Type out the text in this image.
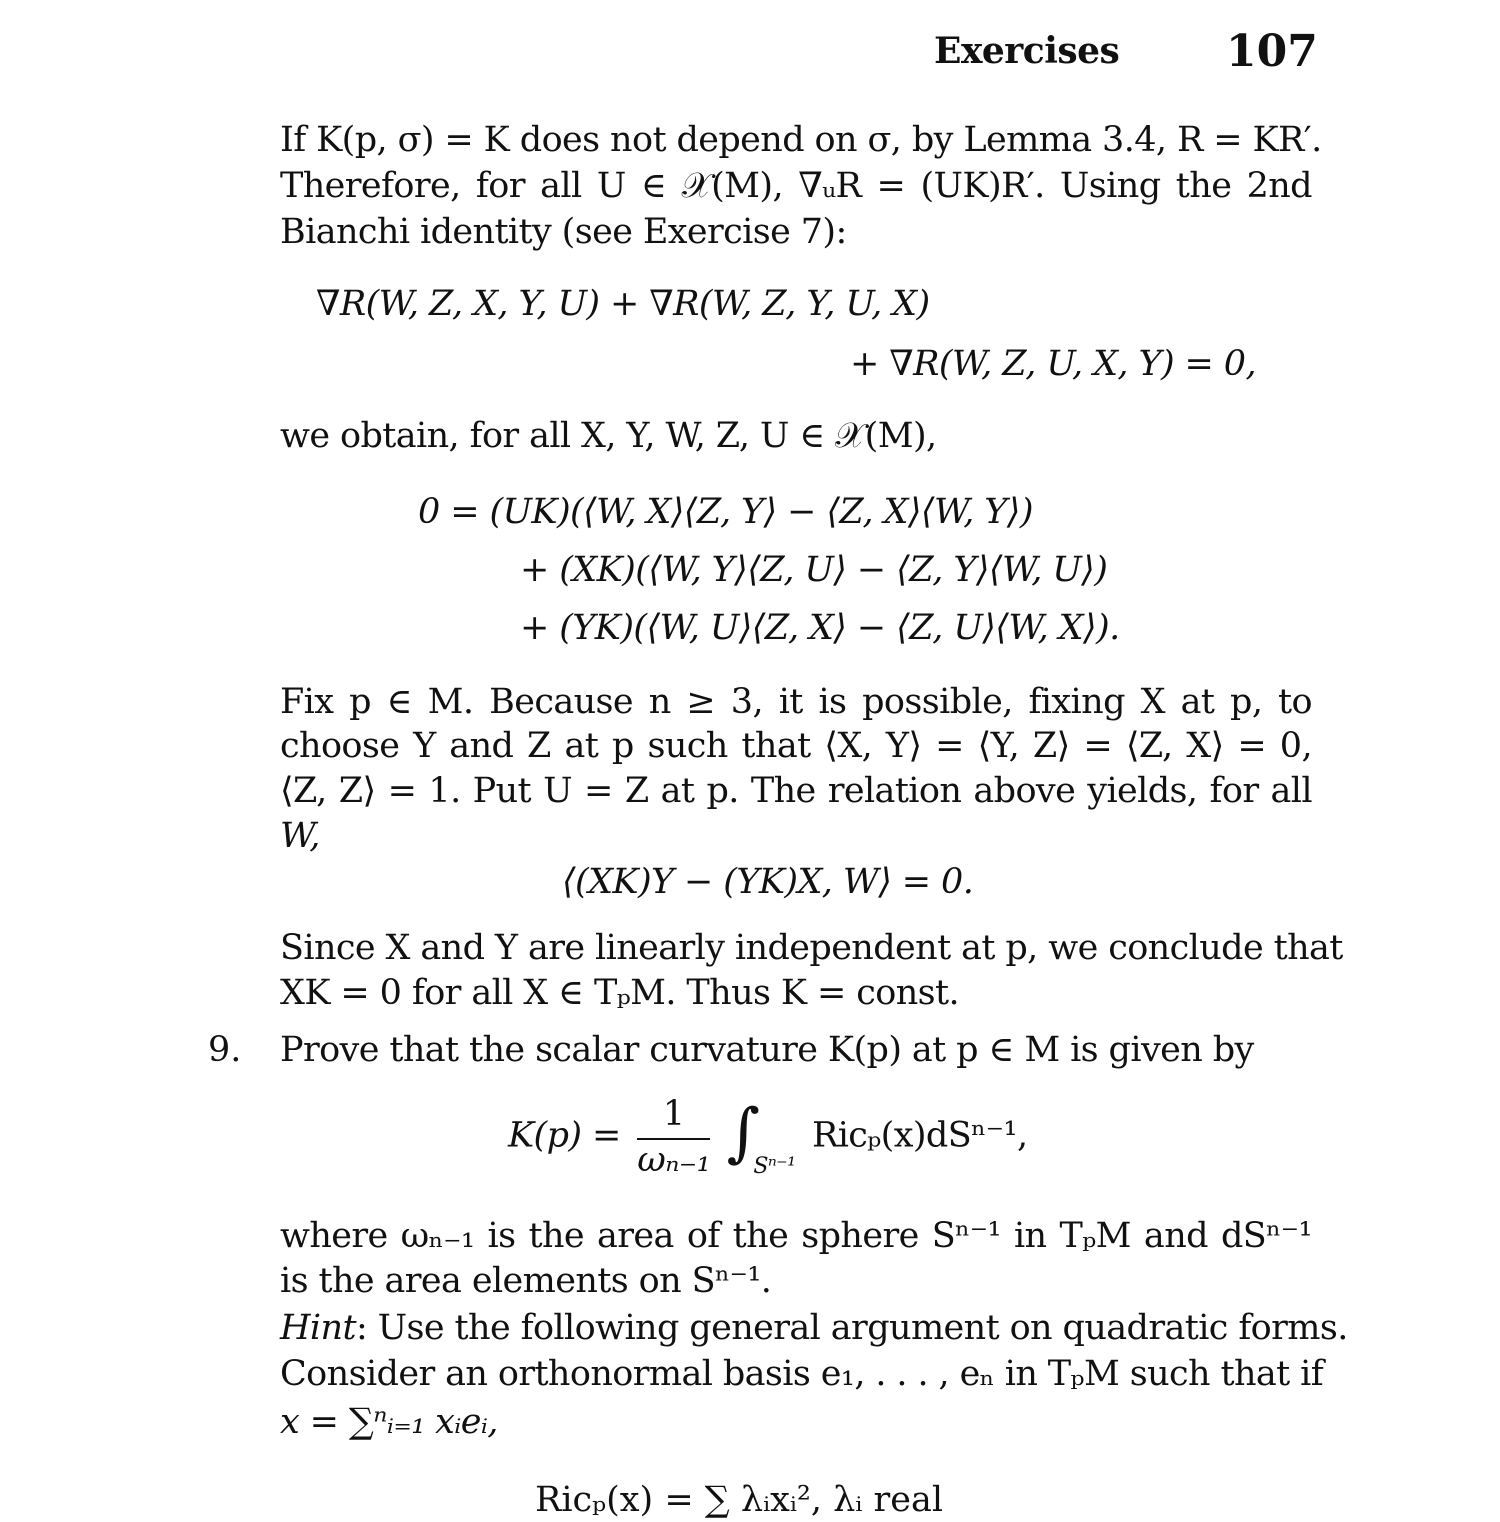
Exercises 107
If K(p, σ) = K does not depend on σ, by Lemma 3.4, R = KR′.
Therefore, for all U ∈ 𝒳(M), ∇ᵤR = (UK)R′. Using the 2nd
Bianchi identity (see Exercise 7):
∇R(W, Z, X, Y, U) + ∇R(W, Z, Y, U, X)
+ ∇R(W, Z, U, X, Y) = 0,
we obtain, for all X, Y, W, Z, U ∈ 𝒳(M),
0 = (UK)(⟨W, X⟩⟨Z, Y⟩ − ⟨Z, X⟩⟨W, Y⟩)
+ (XK)(⟨W, Y⟩⟨Z, U⟩ − ⟨Z, Y⟩⟨W, U⟩)
+ (YK)(⟨W, U⟩⟨Z, X⟩ − ⟨Z, U⟩⟨W, X⟩).
Fix p ∈ M. Because n ≥ 3, it is possible, fixing X at p, to
choose Y and Z at p such that ⟨X, Y⟩ = ⟨Y, Z⟩ = ⟨Z, X⟩ = 0,
⟨Z, Z⟩ = 1. Put U = Z at p. The relation above yields, for all
W,
⟨(XK)Y − (YK)X, W⟩ = 0.
Since X and Y are linearly independent at p, we conclude that
XK = 0 for all X ∈ TₚM. Thus K = const.
9. Prove that the scalar curvature K(p) at p ∈ M is given by
$K(p) = \frac{1}{\text{ωₙ₋₁}} \int_{S^{n-1}}$ Ricₚ(x)dSⁿ⁻¹,
where ωₙ₋₁ is the area of the sphere Sⁿ⁻¹ in TₚM and dSⁿ⁻¹
is the area elements on Sⁿ⁻¹.
Hint: Use the following general argument on quadratic forms.
Consider an orthonormal basis e₁, . . . , eₙ in TₚM such that if
x = ∑ⁿᵢ₌₁ xᵢeᵢ,
Ricₚ(x) = ∑ λᵢxᵢ², λᵢ real
